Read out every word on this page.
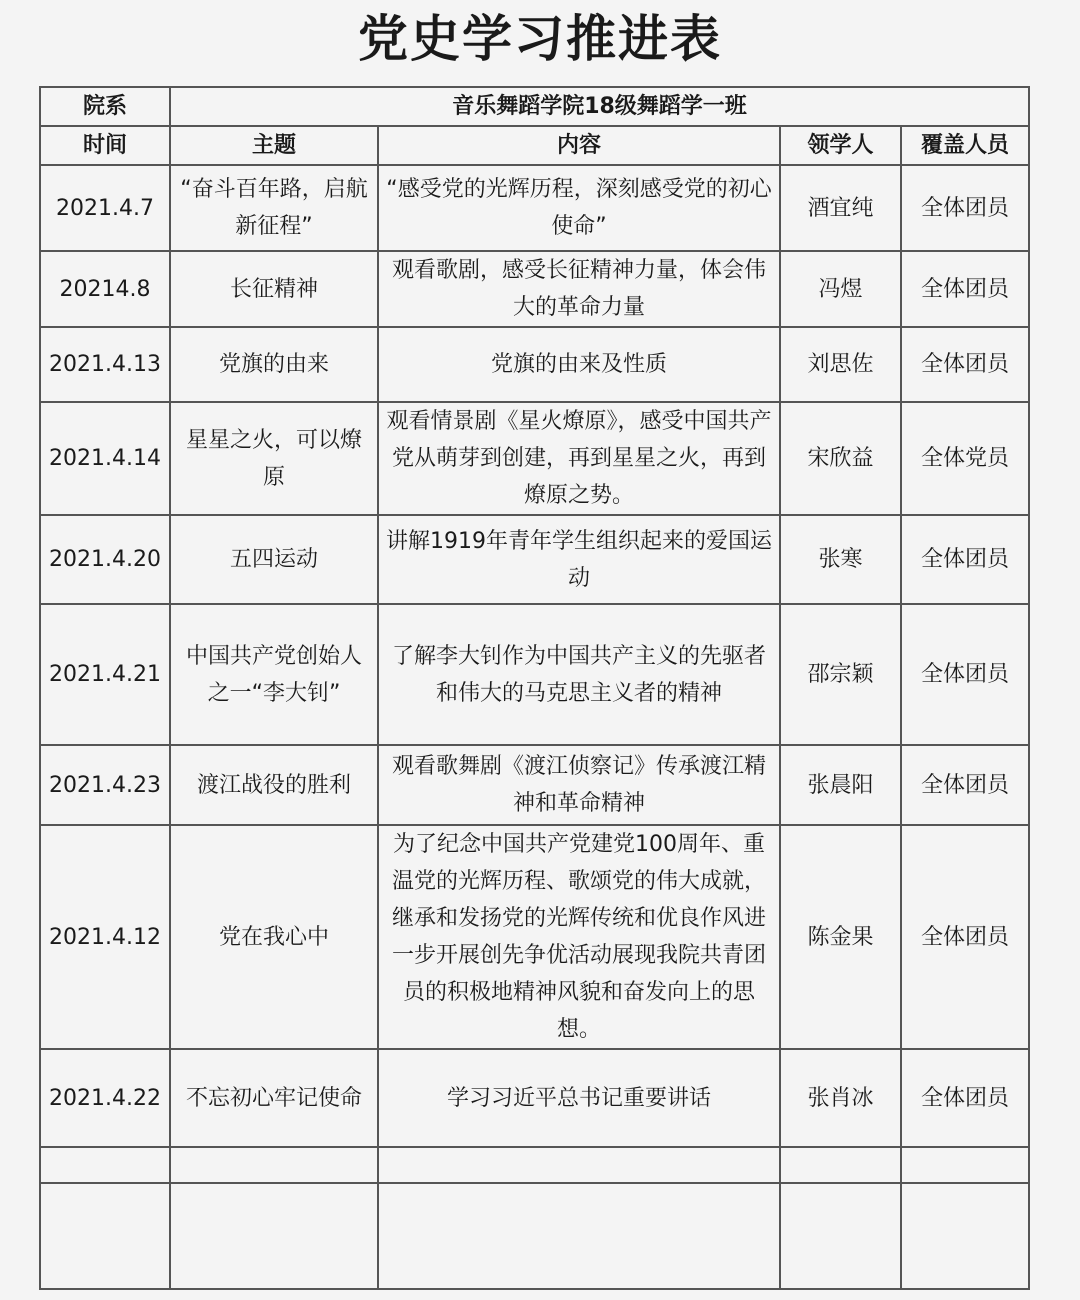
党史学习推进表
院系	音乐舞蹈学院18级舞蹈学一班			
时间	主题	内容	领学人	覆盖人员
2021.4.7	“奋斗百年路，启航新征程”	“感受党的光辉历程，深刻感受党的初心使命”	酒宜纯	全体团员
20214.8	长征精神	观看歌剧，感受长征精神力量，体会伟大的革命力量	冯煜	全体团员
2021.4.13	党旗的由来	党旗的由来及性质	刘思佐	全体团员
2021.4.14	星星之火，可以燎原	观看情景剧《星火燎原》，感受中国共产党从萌芽到创建，再到星星之火，再到燎原之势。	宋欣益	全体党员
2021.4.20	五四运动	讲解1919年青年学生组织起来的爱国运动	张寒	全体团员
2021.4.21	中国共产党创始人之一“李大钊”	了解李大钊作为中国共产主义的先驱者和伟大的马克思主义者的精神	邵宗颖	全体团员
2021.4.23	渡江战役的胜利	观看歌舞剧《渡江侦察记》传承渡江精神和革命精神	张晨阳	全体团员
2021.4.12	党在我心中	为了纪念中国共产党建党100周年、重温党的光辉历程、歌颂党的伟大成就，继承和发扬党的光辉传统和优良作风进一步开展创先争优活动展现我院共青团员的积极地精神风貌和奋发向上的思想。	陈金果	全体团员
2021.4.22	不忘初心牢记使命	学习习近平总书记重要讲话	张肖冰	全体团员
